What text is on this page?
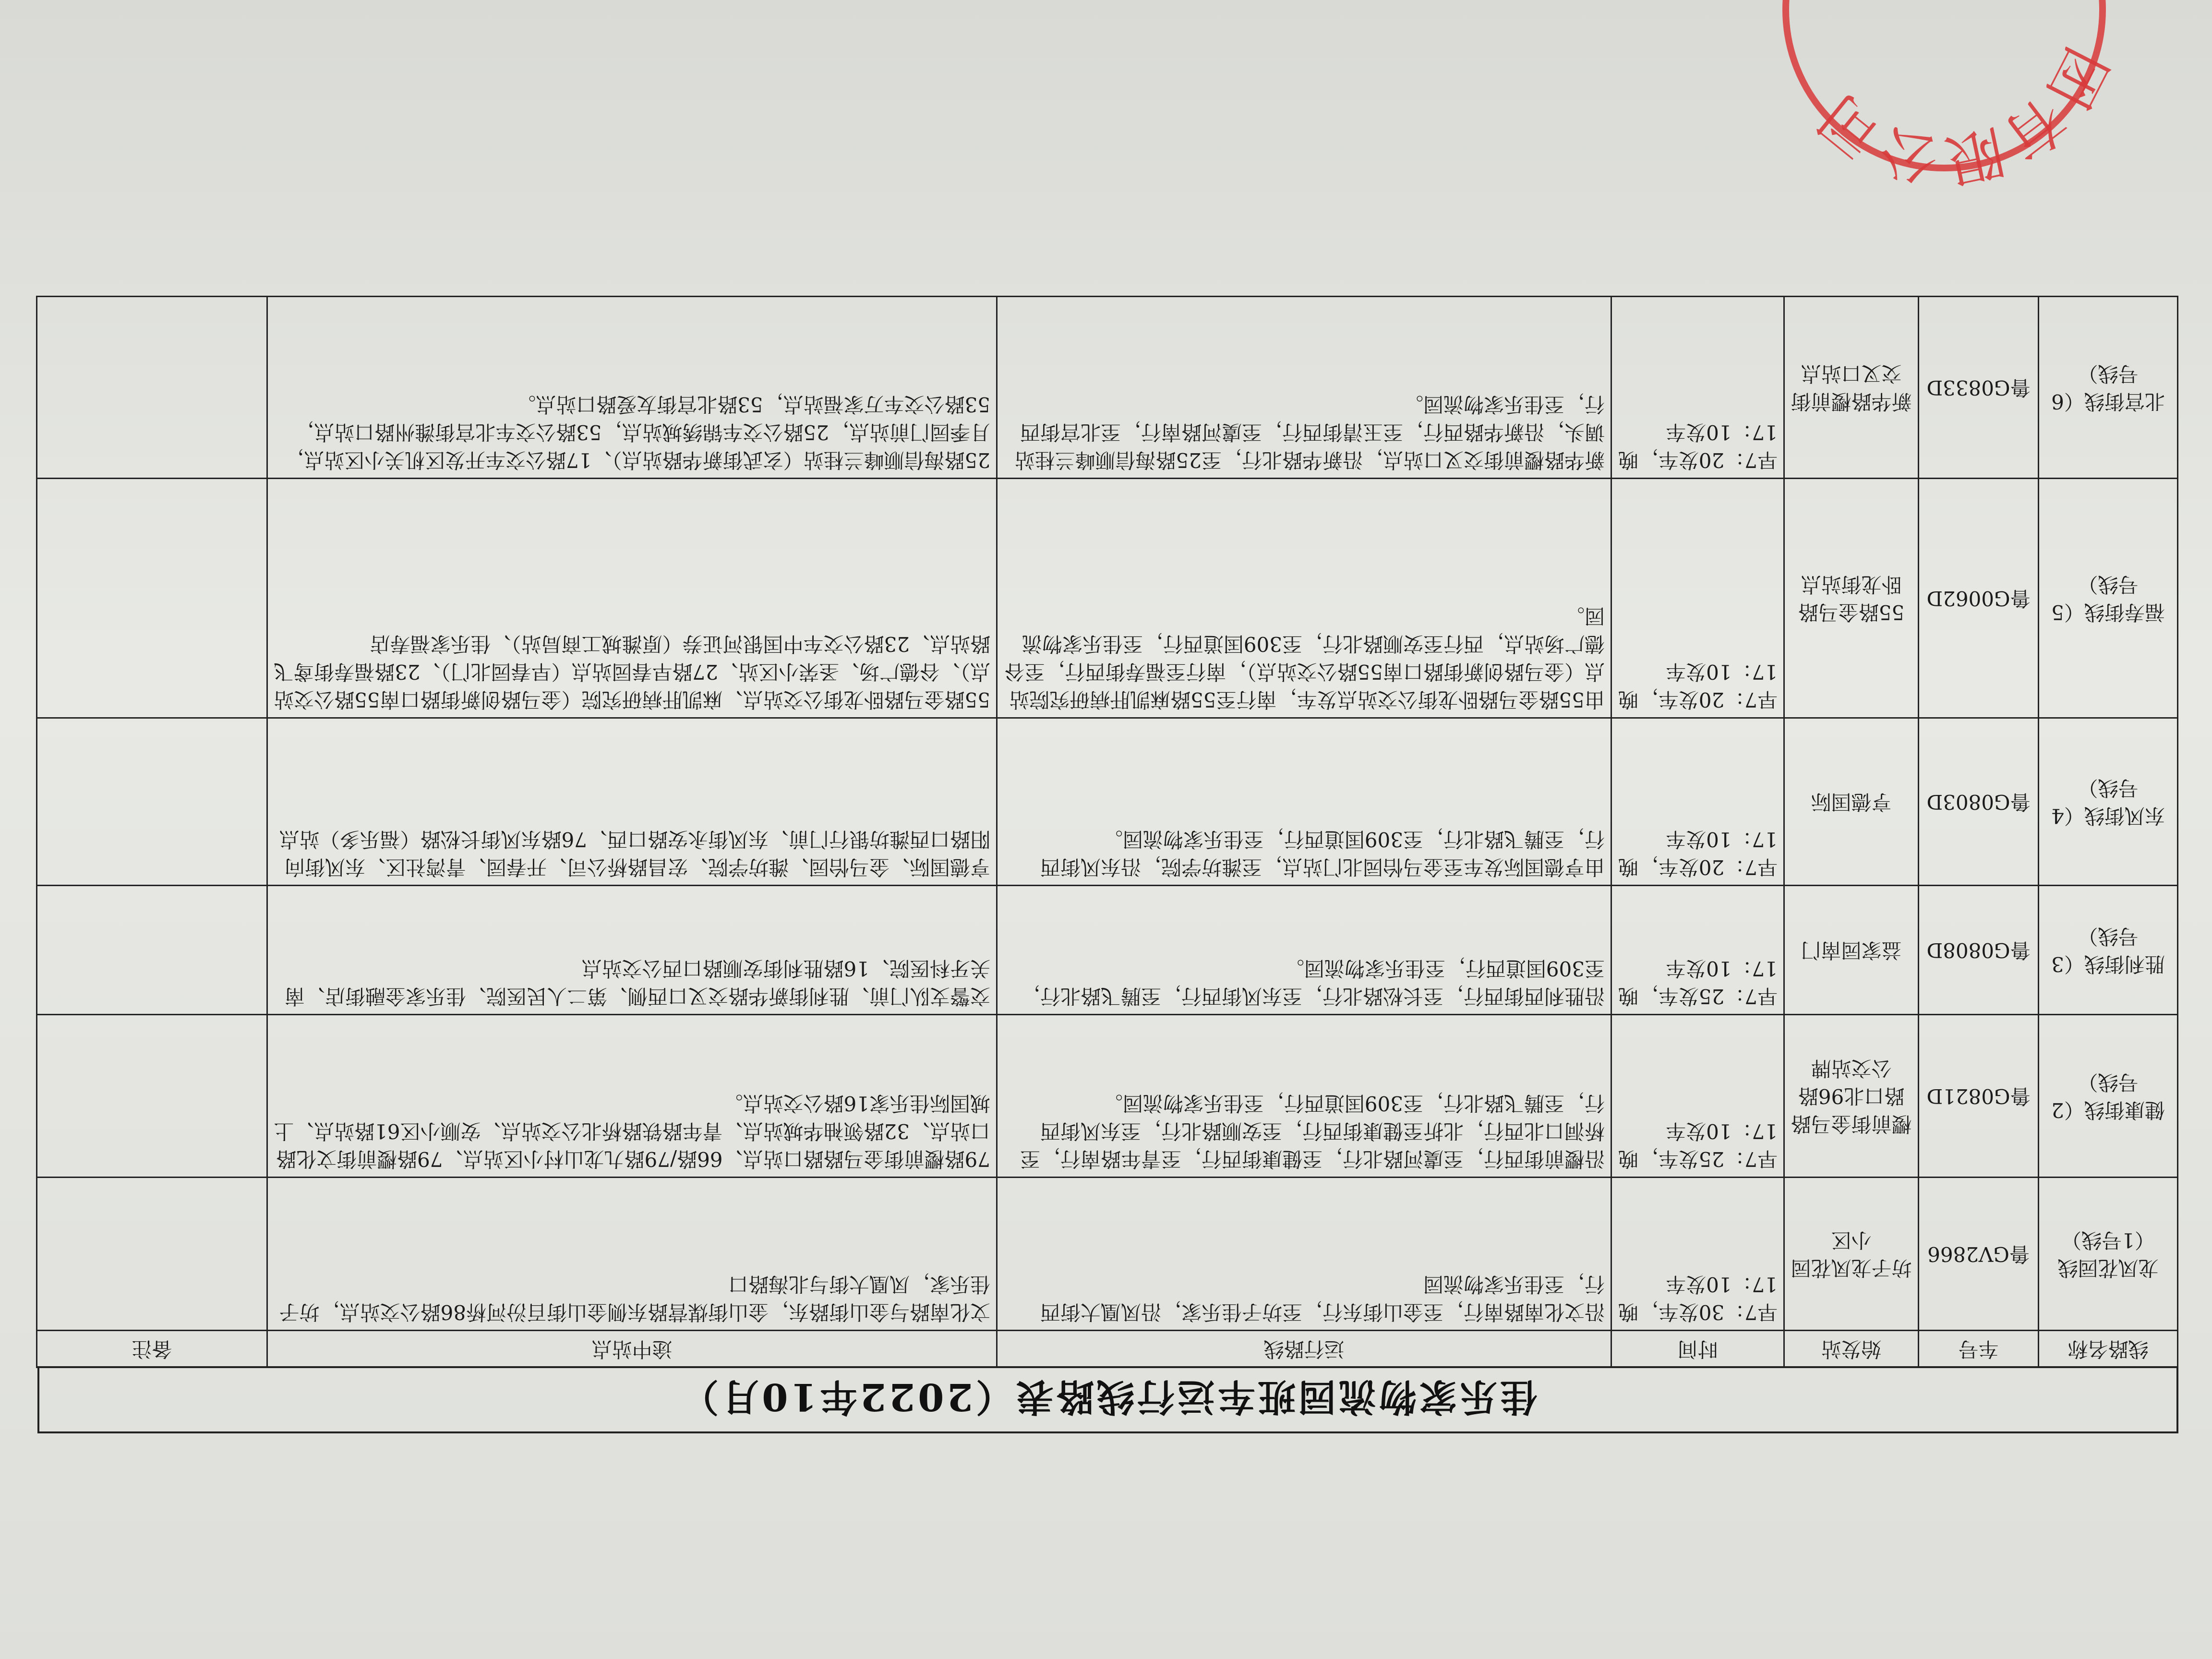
佳乐家物流园班车运行线路表（2022年10月）
线路名称	车号	始发站	时间	运行路线	途中站点	备注
龙凤花园线（1号线）	鲁GV2866	坊子龙凤花园小区	早7：30发车，晚17：10发车	沿文化南路南行，至金山街东行，至坊子佳乐家，沿凤凰大街西行，至佳乐家物流园	文化南路与金山街路东，金山街煤营路东侧金山街百汾河桥86路公交站点，坊子佳乐家，凤凰大街与北海路口	
健康街线（2号线）	鲁G0821D	樱前街金马路路口北96路公交站牌	早7：25发车，晚17：10发车	沿樱前街西行，至虞河路北行，至健康街西行，至青年路南行，至桥洞口北西行，北折至健康街西行，至安顺路北行，至东风街西行，至腾飞路北行，至309国道西行，至佳乐家物流园。	79路樱前街金马路路口站点、66路/79路九龙山村小区站点、79路樱前街文化路口站点、32路领袖华城站点、青年路铁路桥北公交站点、安顺小区61路站点、上城国际佳乐家16路公交站点。	
胜利街线（3号线）	鲁G0808D	益家园南门	早7：25发车，晚17：10发车	沿胜利西街西行，至长松路北行，至东风街西行，至腾飞路北行，至309国道西行，至佳乐家物流园。	交警支队门前、胜利街新华路交叉口西侧、第二人民医院、佳乐家金融街店、南关牙科医院、16路胜利街安顺路口西公交站点	
东风街线（4号线）	鲁G0803D	亨德国际	早7：20发车，晚17：10发车	由亨德国际发车至金马怡园北门站点，至潍坊学院，沿东风街西行，至腾飞路北行，至309国道西行，至佳乐家物流园。	亨德国际、金马怡园、潍坊学院、宏昌路桥公司、开春园、青湾社区、东风街向阳路口西潍坊银行门前、东风街永安路口西、76路东风街长松路（福乐多）站点	
福寿街线（5号线）	鲁G0062D	55路金马路卧龙街站点	早7：20发车，晚17：10发车	由55路金马路卧龙街公交站点发车，南行至55路麻凯肝病研究院站点（金马路创新街路口南55路公交站点），南行至福寿街西行，至谷德广场站点，西行至安顺路北行，至309国道西行，至佳乐家物流园。	55路金马路卧龙街公交站点、麻凯肝病研究院（金马路创新街路口南55路公交站点）、谷德广场、圣荣小区站、27路早春园站点（早春园北门）、23路福寿街鸢飞路站点、23路公交车中国银河证券（原潍城工商局站）、佳乐家福寿店	
北宫街线（6号线）	鲁G0833D	新华路樱前街交叉口站点	早7：20发车，晚17：10发车	新华路樱前街交叉口站点，沿新华路北行，至25路海信顺峰兰桂站调头，沿新华路西行，至玉清街西行，至虞河路南行，至北宫街西行，至佳乐家物流园。	25路海信顺峰兰桂站（玄武街新华路站点）、17路公交车开发区机关小区站点，月季园门前站点，25路公交车锦绣城站点，53路公交车北宫街潍州路口站点，53路公交车万家福站点，53路北宫街友爱路口站点。	
团有限公司
